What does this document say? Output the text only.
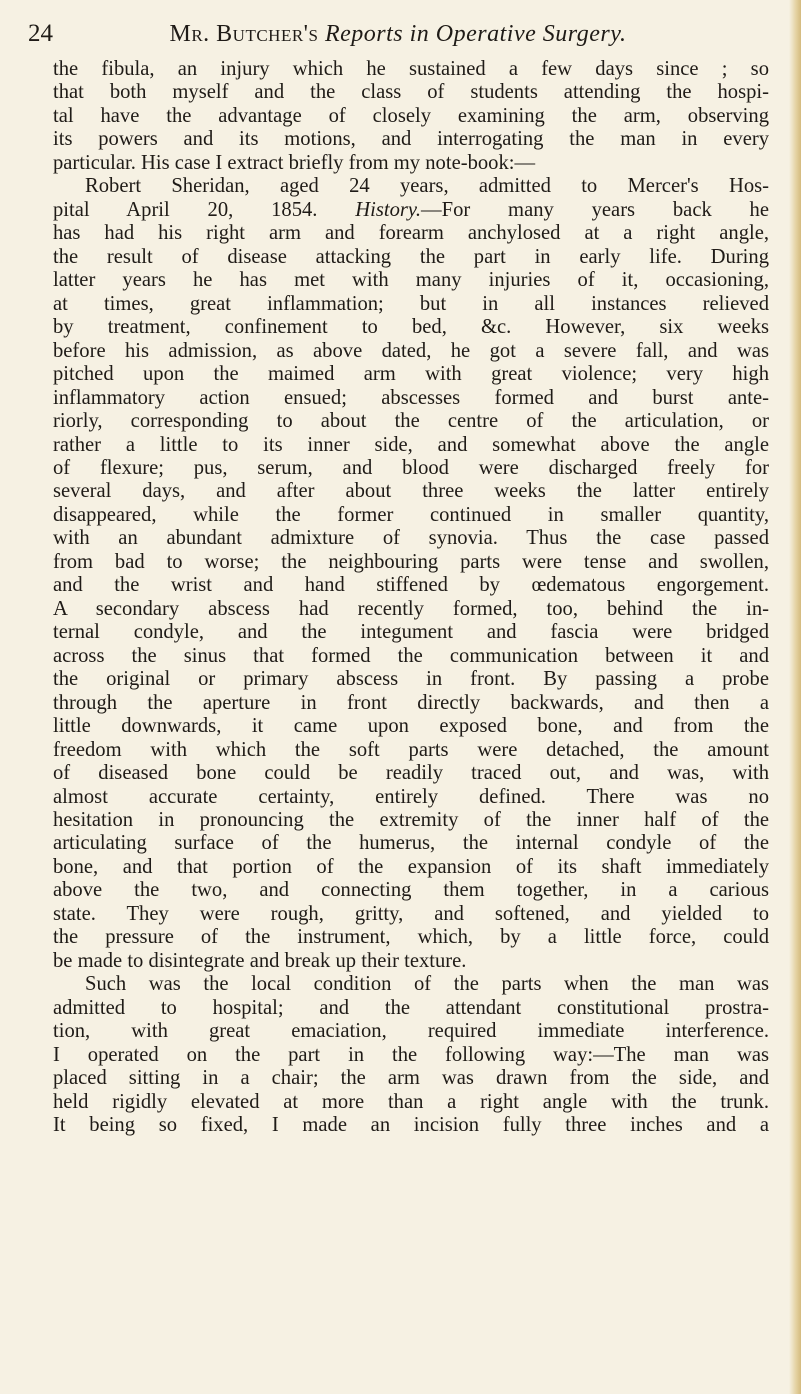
24	Mr. Butcher's Reports in Operative Surgery.
the fibula, an injury which he sustained a few days since ; so
that both myself and the class of students attending the hospi-
tal have the advantage of closely examining the arm, observing
its powers and its motions, and interrogating the man in every
particular. His case I extract briefly from my note-book:—
Robert Sheridan, aged 24 years, admitted to Mercer's Hos-
pital April 20, 1854. History.—For many years back he
has had his right arm and forearm anchylosed at a right angle,
the result of disease attacking the part in early life. During
latter years he has met with many injuries of it, occasioning,
at times, great inflammation; but in all instances relieved
by treatment, confinement to bed, &c. However, six weeks
before his admission, as above dated, he got a severe fall, and was
pitched upon the maimed arm with great violence; very high
inflammatory action ensued; abscesses formed and burst ante-
riorly, corresponding to about the centre of the articulation, or
rather a little to its inner side, and somewhat above the angle
of flexure; pus, serum, and blood were discharged freely for
several days, and after about three weeks the latter entirely
disappeared, while the former continued in smaller quantity,
with an abundant admixture of synovia. Thus the case passed
from bad to worse; the neighbouring parts were tense and swollen,
and the wrist and hand stiffened by œdematous engorgement.
A secondary abscess had recently formed, too, behind the in-
ternal condyle, and the integument and fascia were bridged
across the sinus that formed the communication between it and
the original or primary abscess in front. By passing a probe
through the aperture in front directly backwards, and then a
little downwards, it came upon exposed bone, and from the
freedom with which the soft parts were detached, the amount
of diseased bone could be readily traced out, and was, with
almost accurate certainty, entirely defined. There was no
hesitation in pronouncing the extremity of the inner half of the
articulating surface of the humerus, the internal condyle of the
bone, and that portion of the expansion of its shaft immediately
above the two, and connecting them together, in a carious
state. They were rough, gritty, and softened, and yielded to
the pressure of the instrument, which, by a little force, could
be made to disintegrate and break up their texture.
Such was the local condition of the parts when the man was
admitted to hospital; and the attendant constitutional prostra-
tion, with great emaciation, required immediate interference.
I operated on the part in the following way:—The man was
placed sitting in a chair; the arm was drawn from the side, and
held rigidly elevated at more than a right angle with the trunk.
It being so fixed, I made an incision fully three inches and a
